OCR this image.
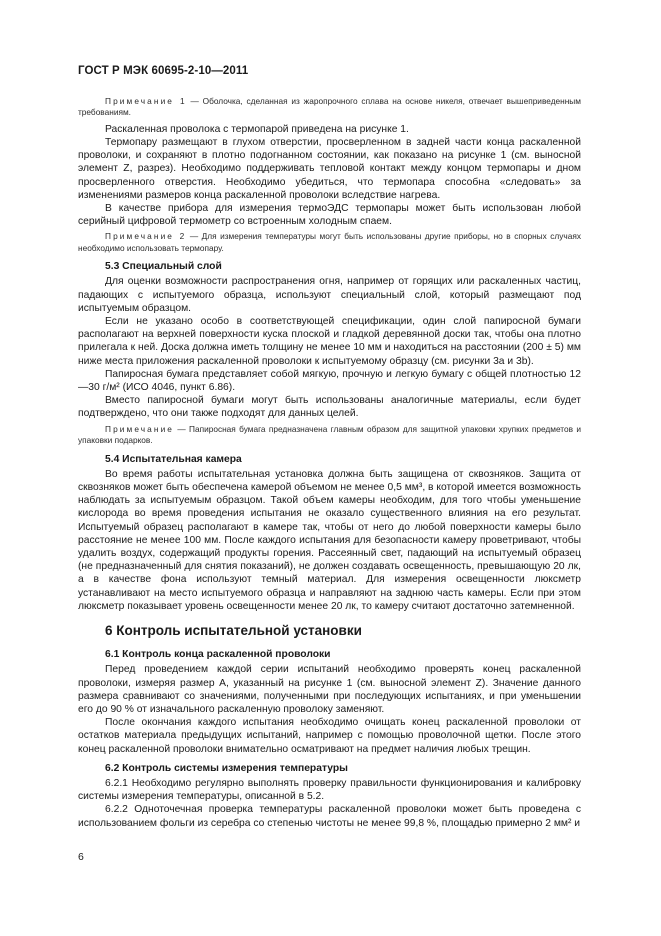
ГОСТ Р МЭК 60695-2-10—2011

Примечание 1 — Оболочка, сделанная из жаропрочного сплава на основе никеля, отвечает вышеприведенным требованиям.

Раскаленная проволока с термопарой приведена на рисунке 1.

Термопару размещают в глухом отверстии, просверленном в задней части конца раскаленной проволоки, и сохраняют в плотно подогнанном состоянии, как показано на рисунке 1 (см. выносной элемент Z, разрез). Необходимо поддерживать тепловой контакт между концом термопары и дном просверленного отверстия. Необходимо убедиться, что термопара способна «следовать» за изменениями размеров конца раскаленной проволоки вследствие нагрева.

В качестве прибора для измерения термоЭДС термопары может быть использован любой серийный цифровой термометр со встроенным холодным спаем.

Примечание 2 — Для измерения температуры могут быть использованы другие приборы, но в спорных случаях необходимо использовать термопару.

5.3 Специальный слой

Для оценки возможности распространения огня, например от горящих или раскаленных частиц, падающих с испытуемого образца, используют специальный слой, который размещают под испытуемым образцом.

Если не указано особо в соответствующей спецификации, один слой папиросной бумаги располагают на верхней поверхности куска плоской и гладкой деревянной доски так, чтобы она плотно прилегала к ней. Доска должна иметь толщину не менее 10 мм и находиться на расстоянии (200 ± 5) мм ниже места приложения раскаленной проволоки к испытуемому образцу (см. рисунки 3a и 3b).

Папиросная бумага представляет собой мягкую, прочную и легкую бумагу с общей плотностью 12—30 г/м² (ИСО 4046, пункт 6.86).

Вместо папиросной бумаги могут быть использованы аналогичные материалы, если будет подтверждено, что они также подходят для данных целей.

Примечание — Папиросная бумага предназначена главным образом для защитной упаковки хрупких предметов и упаковки подарков.

5.4 Испытательная камера

Во время работы испытательная установка должна быть защищена от сквозняков. Защита от сквозняков может быть обеспечена камерой объемом не менее 0,5 мм³, в которой имеется возможность наблюдать за испытуемым образцом. Такой объем камеры необходим, для того чтобы уменьшение кислорода во время проведения испытания не оказало существенного влияния на его результат. Испытуемый образец располагают в камере так, чтобы от него до любой поверхности камеры было расстояние не менее 100 мм. После каждого испытания для безопасности камеру проветривают, чтобы удалить воздух, содержащий продукты горения. Рассеянный свет, падающий на испытуемый образец (не предназначенный для снятия показаний), не должен создавать освещенность, превышающую 20 лк, а в качестве фона используют темный материал. Для измерения освещенности люксметр устанавливают на место испытуемого образца и направляют на заднюю часть камеры. Если при этом люксметр показывает уровень освещенности менее 20 лк, то камеру считают достаточно затемненной.

6 Контроль испытательной установки
6.1 Контроль конца раскаленной проволоки

Перед проведением каждой серии испытаний необходимо проверять конец раскаленной проволоки, измеряя размер A, указанный на рисунке 1 (см. выносной элемент Z). Значение данного размера сравнивают со значениями, полученными при последующих испытаниях, и при уменьшении его до 90 % от изначального раскаленную проволоку заменяют.

После окончания каждого испытания необходимо очищать конец раскаленной проволоки от остатков материала предыдущих испытаний, например с помощью проволочной щетки. После этого конец раскаленной проволоки внимательно осматривают на предмет наличия любых трещин.

6.2 Контроль системы измерения температуры

6.2.1 Необходимо регулярно выполнять проверку правильности функционирования и калибровку системы измерения температуры, описанной в 5.2.

6.2.2 Одноточечная проверка температуры раскаленной проволоки может быть проведена с использованием фольги из серебра со степенью чистоты не менее 99,8 %, площадью примерно 2 мм² и

6
